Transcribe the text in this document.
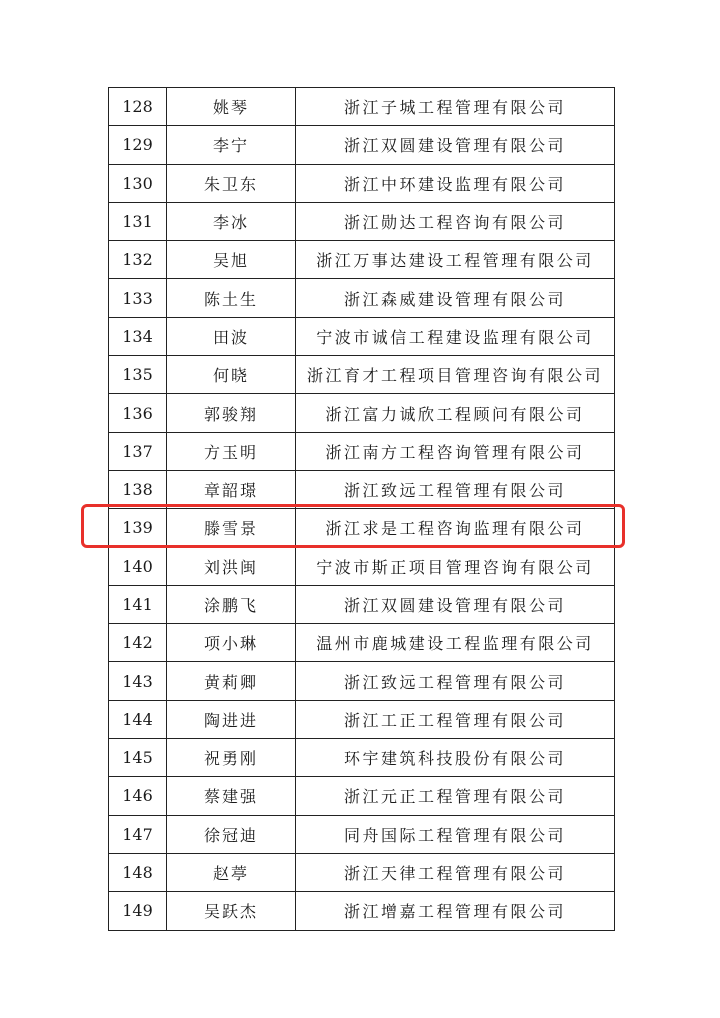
128	姚琴	浙江子城工程管理有限公司
129	李宁	浙江双圆建设管理有限公司
130	朱卫东	浙江中环建设监理有限公司
131	李冰	浙江勋达工程咨询有限公司
132	吴旭	浙江万事达建设工程管理有限公司
133	陈土生	浙江森威建设管理有限公司
134	田波	宁波市诚信工程建设监理有限公司
135	何晓	浙江育才工程项目管理咨询有限公司
136	郭骏翔	浙江富力诚欣工程顾问有限公司
137	方玉明	浙江南方工程咨询管理有限公司
138	章韶璟	浙江致远工程管理有限公司
139	滕雪景	浙江求是工程咨询监理有限公司
140	刘洪闽	宁波市斯正项目管理咨询有限公司
141	涂鹏飞	浙江双圆建设管理有限公司
142	项小琳	温州市鹿城建设工程监理有限公司
143	黄莉卿	浙江致远工程管理有限公司
144	陶进进	浙江工正工程管理有限公司
145	祝勇刚	环宇建筑科技股份有限公司
146	蔡建强	浙江元正工程管理有限公司
147	徐冠迪	同舟国际工程管理有限公司
148	赵葶	浙江天律工程管理有限公司
149	吴跃杰	浙江增嘉工程管理有限公司
